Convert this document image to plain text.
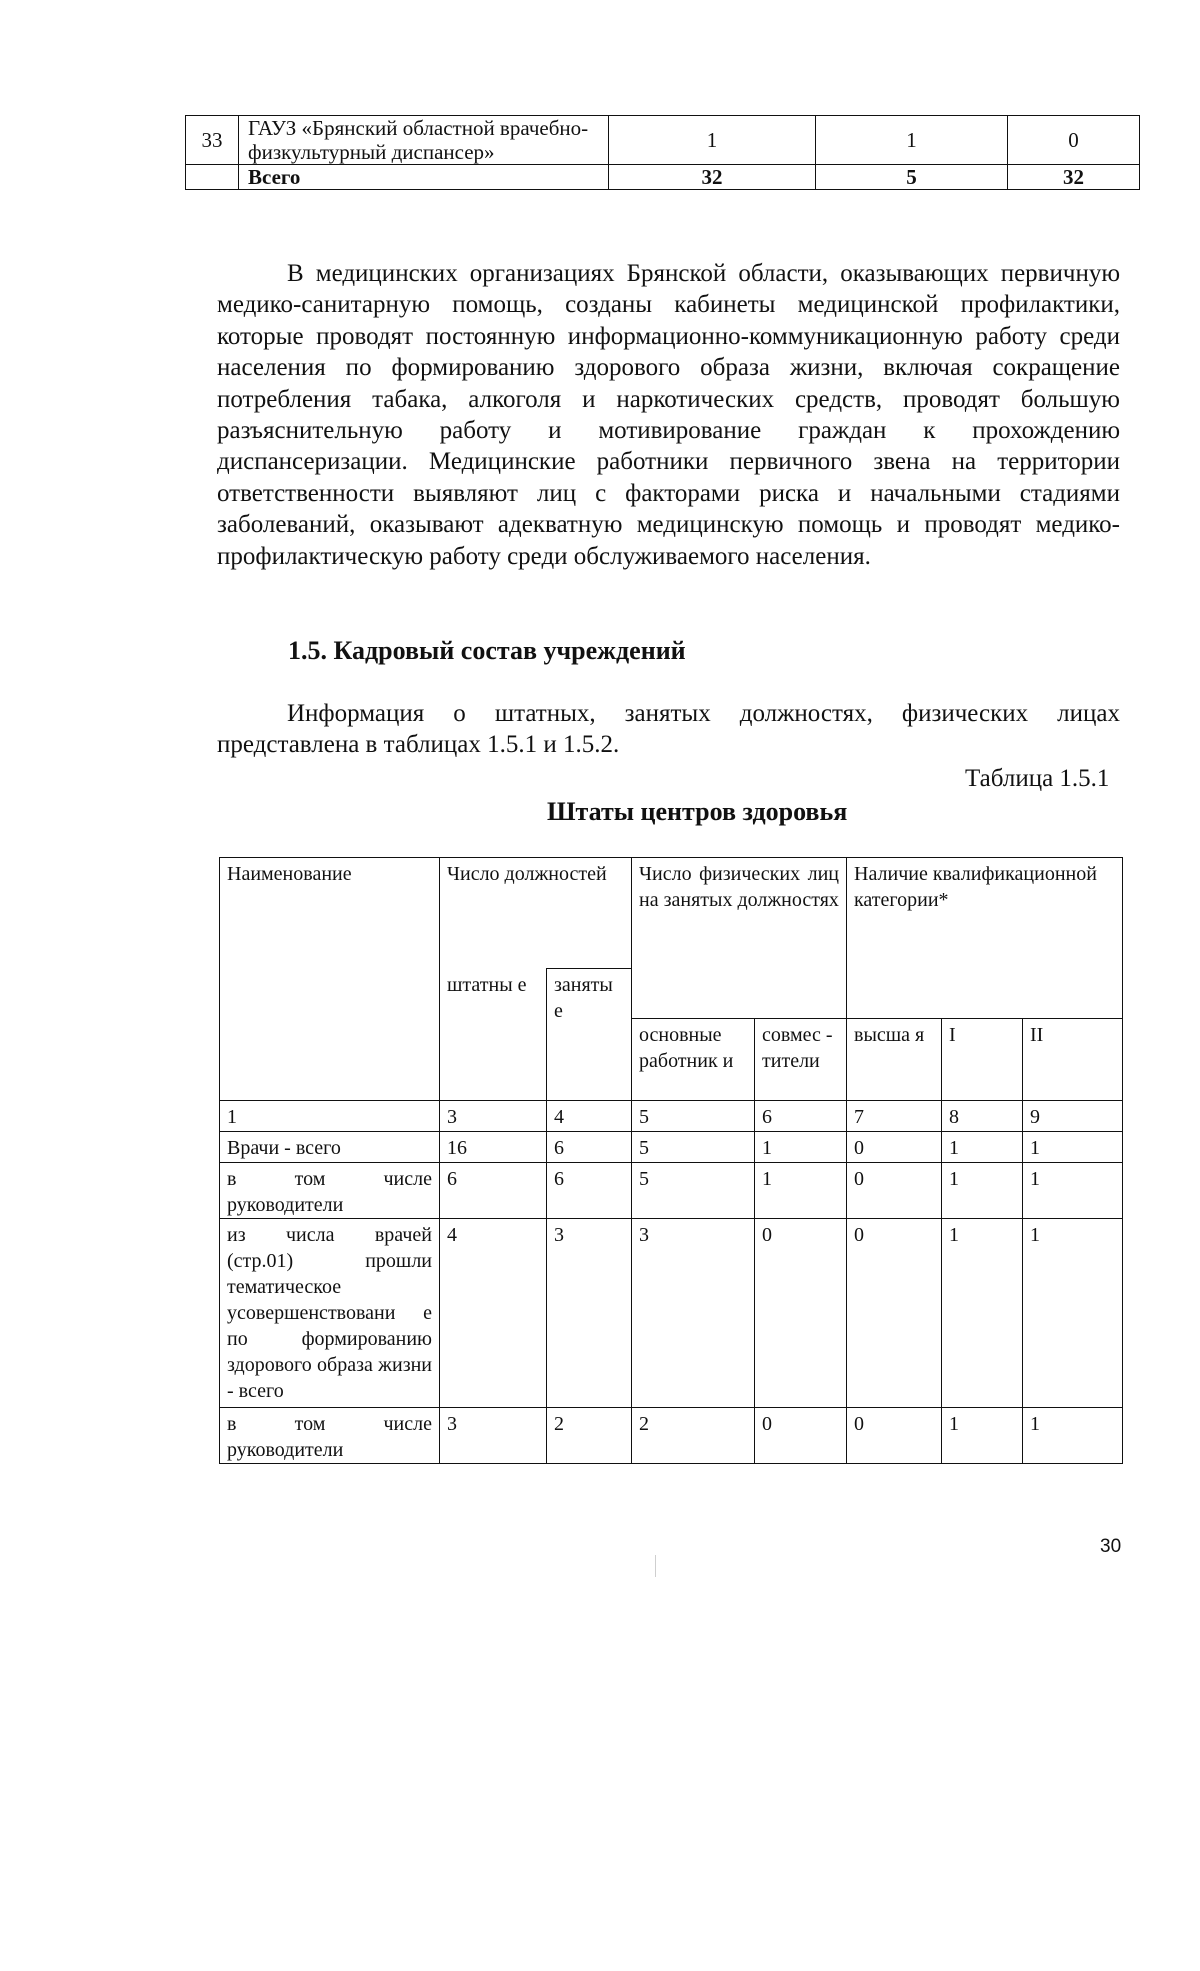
33	ГАУЗ «Брянский областной врачебно-физкультурный диспансер»	1	1	0
	Всего	32	5	32
В медицинских организациях Брянской области, оказывающих первичную медико-санитарную помощь, созданы кабинеты медицинской профилактики, которые проводят постоянную информационно-коммуникационную работу среди населения по формированию здорового образа жизни, включая сокращение потребления табака, алкоголя и наркотических средств, проводят большую разъяснительную работу и мотивирование граждан к прохождению диспансеризации. Медицинские работники первичного звена на территории ответственности выявляют лиц с факторами риска и начальными стадиями заболеваний, оказывают адекватную медицинскую помощь и проводят медико-профилактическую работу среди обслуживаемого населения.
1.5. Кадровый состав учреждений
Информация о штатных, занятых должностях, физических лицах представлена в таблицах 1.5.1 и 1.5.2.
Таблица 1.5.1
Штаты центров здоровья
Наименование	Число должностей		Число физических лиц на занятых должностях		Наличие квалификационной категории*		
	штатны е	заняты е					
			основные работник и	совмес - тители	высша я	I	II
1	3	4	5	6	7	8	9
Врачи - всего	16	6	5	1	0	1	1
в том числе руководители	6	6	5	1	0	1	1
из числа врачей (стр.01) прошли тематическое усовершенствовани е по формированию здорового образа жизни - всего	4	3	3	0	0	1	1
в том числе руководители	3	2	2	0	0	1	1
30
